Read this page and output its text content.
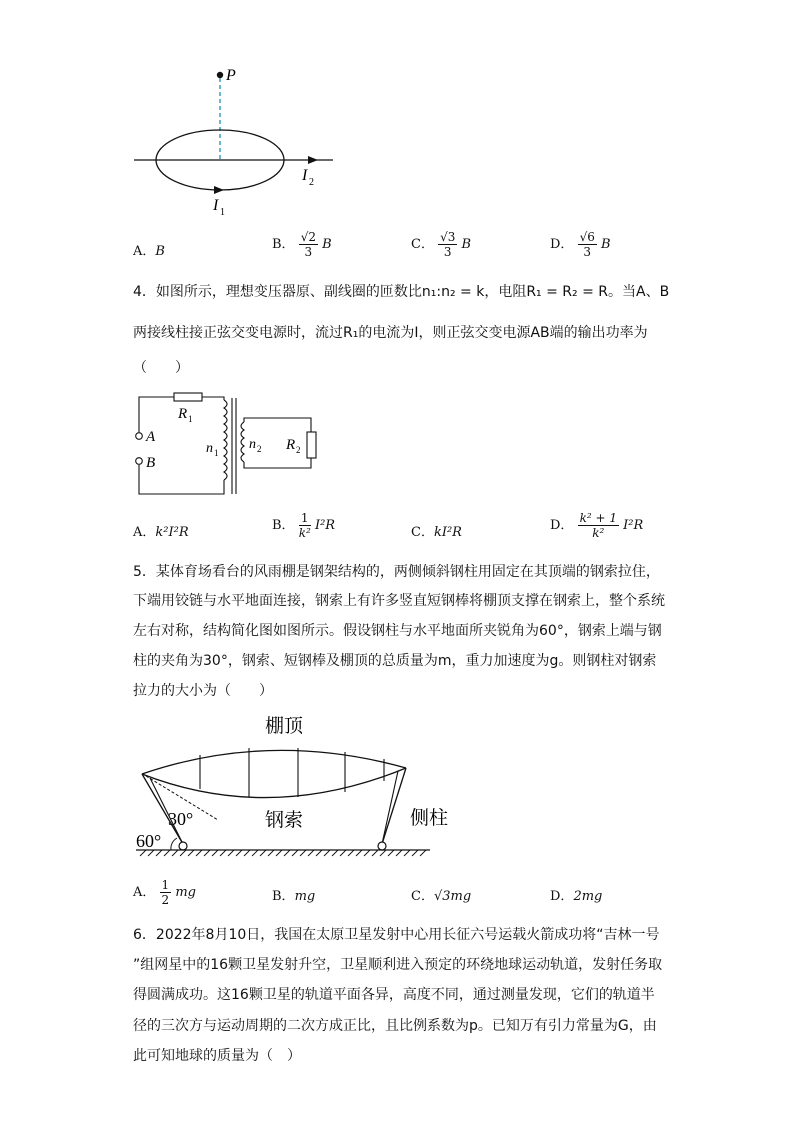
P
I 2
I 1
A．B	B． $\frac{√2}{3}$ B	C． $\frac{√3}{3}$ B	D． $\frac{√6}{3}$ B
4．如图所示，理想变压器原、副线圈的匝数比n₁:n₂ = k，电阻R₁ = R₂ = R。当A、B
两接线柱接正弦交变电源时，流过R₁的电流为I，则正弦交变电源AB端的输出功率为
（　　）
R 1
A
B
n 1
n 2 R 2
A．k²I²R	B． $\frac{1}{\text{k²}} I^2R$	C．kI²R	D． $\frac{\text{k² + 1}}{\text{k²}} I^2R$
5．某体育场看台的风雨棚是钢架结构的，两侧倾斜钢柱用固定在其顶端的钢索拉住，
下端用铰链与水平地面连接，钢索上有许多竖直短钢棒将棚顶支撑在钢索上，整个系统
左右对称，结构简化图如图所示。假设钢柱与水平地面所夹锐角为60°，钢索上端与钢
柱的夹角为30°，钢索、短钢棒及棚顶的总质量为m，重力加速度为g。则钢柱对钢索
拉力的大小为（　　）
棚顶
30°	钢索	侧柱
60°
A． $\frac{1}{2}$ mg	B．mg	C．√3mg	D．2mg
6．2022年8月10日，我国在太原卫星发射中心用长征六号运载火箭成功将“吉林一号
”组网星中的16颗卫星发射升空，卫星顺利进入预定的环绕地球运动轨道，发射任务取
得圆满成功。这16颗卫星的轨道平面各异，高度不同，通过测量发现，它们的轨道半
径的三次方与运动周期的二次方成正比，且比例系数为p。已知万有引力常量为G，由
此可知地球的质量为（　）
